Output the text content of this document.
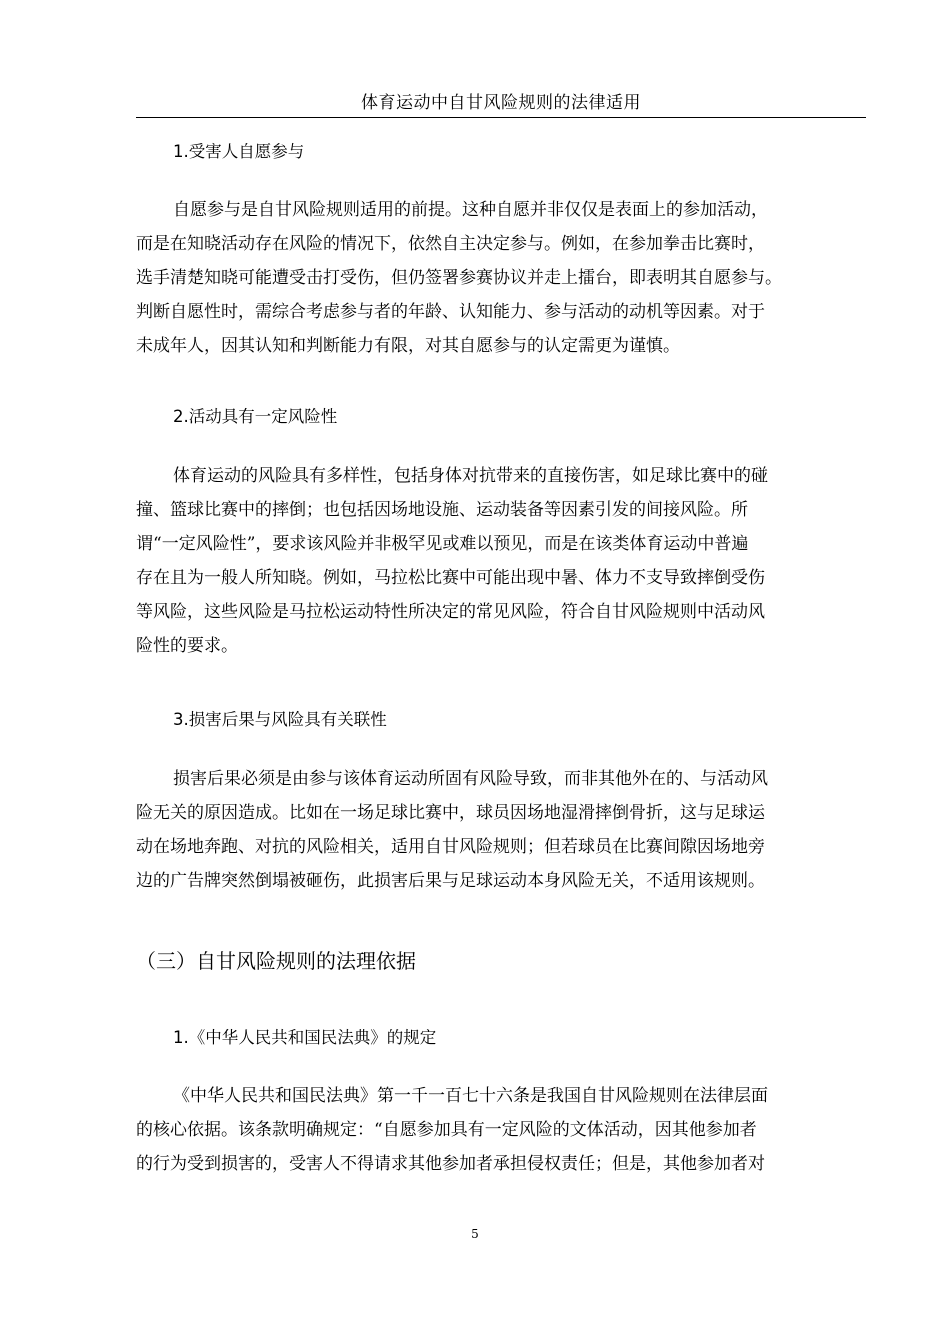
体育运动中自甘风险规则的法律适用
1.受害人自愿参与
自愿参与是自甘风险规则适用的前提。这种自愿并非仅仅是表面上的参加活动，
而是在知晓活动存在风险的情况下，依然自主决定参与。例如，在参加拳击比赛时，
选手清楚知晓可能遭受击打受伤，但仍签署参赛协议并走上擂台，即表明其自愿参与。
判断自愿性时，需综合考虑参与者的年龄、认知能力、参与活动的动机等因素。对于
未成年人，因其认知和判断能力有限，对其自愿参与的认定需更为谨慎。
2.活动具有一定风险性
体育运动的风险具有多样性，包括身体对抗带来的直接伤害，如足球比赛中的碰
撞、篮球比赛中的摔倒；也包括因场地设施、运动装备等因素引发的间接风险。所
谓“一定风险性”，要求该风险并非极罕见或难以预见，而是在该类体育运动中普遍
存在且为一般人所知晓。例如，马拉松比赛中可能出现中暑、体力不支导致摔倒受伤
等风险，这些风险是马拉松运动特性所决定的常见风险，符合自甘风险规则中活动风
险性的要求。
3.损害后果与风险具有关联性
损害后果必须是由参与该体育运动所固有风险导致，而非其他外在的、与活动风
险无关的原因造成。比如在一场足球比赛中，球员因场地湿滑摔倒骨折，这与足球运
动在场地奔跑、对抗的风险相关，适用自甘风险规则；但若球员在比赛间隙因场地旁
边的广告牌突然倒塌被砸伤，此损害后果与足球运动本身风险无关，不适用该规则。
（三）自甘风险规则的法理依据
1.《中华人民共和国民法典》的规定
《中华人民共和国民法典》第一千一百七十六条是我国自甘风险规则在法律层面
的核心依据。该条款明确规定：“自愿参加具有一定风险的文体活动，因其他参加者
的行为受到损害的，受害人不得请求其他参加者承担侵权责任；但是，其他参加者对
5
